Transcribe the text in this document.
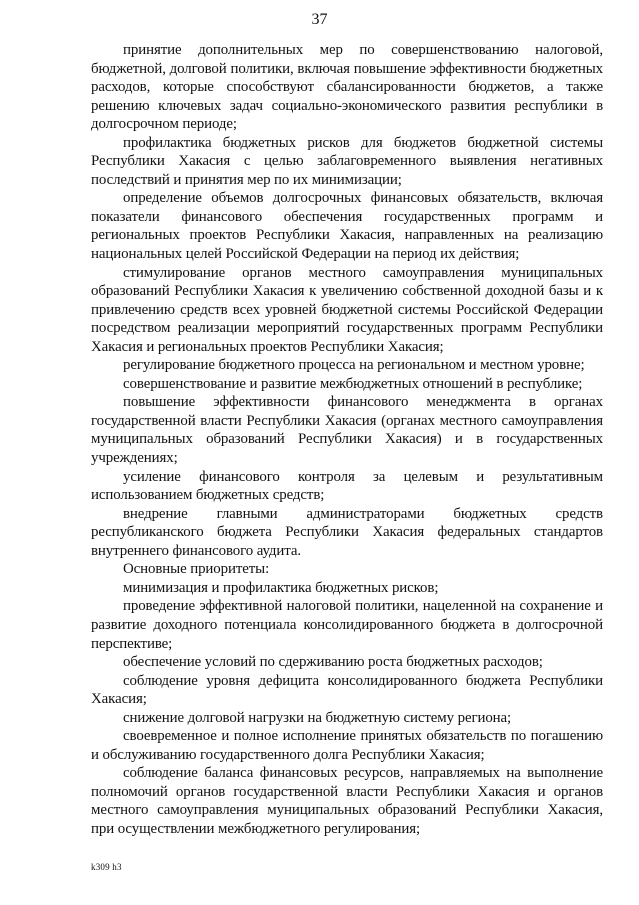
37

принятие дополнительных мер по совершенствованию налоговой, бюджетной, долговой политики, включая повышение эффективности бюджетных расходов, которые способствуют сбалансированности бюджетов, а также решению ключевых задач социально-экономического развития республики в долгосрочном периоде;

профилактика бюджетных рисков для бюджетов бюджетной системы Республики Хакасия с целью заблаговременного выявления негативных последствий и принятия мер по их минимизации;

определение объемов долгосрочных финансовых обязательств, включая показатели финансового обеспечения государственных программ и региональных проектов Республики Хакасия, направленных на реализацию национальных целей Российской Федерации на период их действия;

стимулирование органов местного самоуправления муниципальных образований Республики Хакасия к увеличению собственной доходной базы и к привлечению средств всех уровней бюджетной системы Российской Федерации посредством реализации мероприятий государственных программ Республики Хакасия и региональных проектов Республики Хакасия;

регулирование бюджетного процесса на региональном и местном уровне;

совершенствование и развитие межбюджетных отношений в республике;

повышение эффективности финансового менеджмента в органах государственной власти Республики Хакасия (органах местного самоуправления муниципальных образований Республики Хакасия) и в государственных учреждениях;

усиление финансового контроля за целевым и результативным использованием бюджетных средств;

внедрение главными администраторами бюджетных средств республиканского бюджета Республики Хакасия федеральных стандартов внутреннего финансового аудита.

Основные приоритеты:

минимизация и профилактика бюджетных рисков;

проведение эффективной налоговой политики, нацеленной на сохранение и развитие доходного потенциала консолидированного бюджета в долгосрочной перспективе;

обеспечение условий по сдерживанию роста бюджетных расходов;

соблюдение уровня дефицита консолидированного бюджета Республики Хакасия;

снижение долговой нагрузки на бюджетную систему региона;

своевременное и полное исполнение принятых обязательств по погашению и обслуживанию государственного долга Республики Хакасия;

соблюдение баланса финансовых ресурсов, направляемых на выполнение полномочий органов государственной власти Республики Хакасия и органов местного самоуправления муниципальных образований Республики Хакасия, при осуществлении межбюджетного регулирования;

k309 h3
